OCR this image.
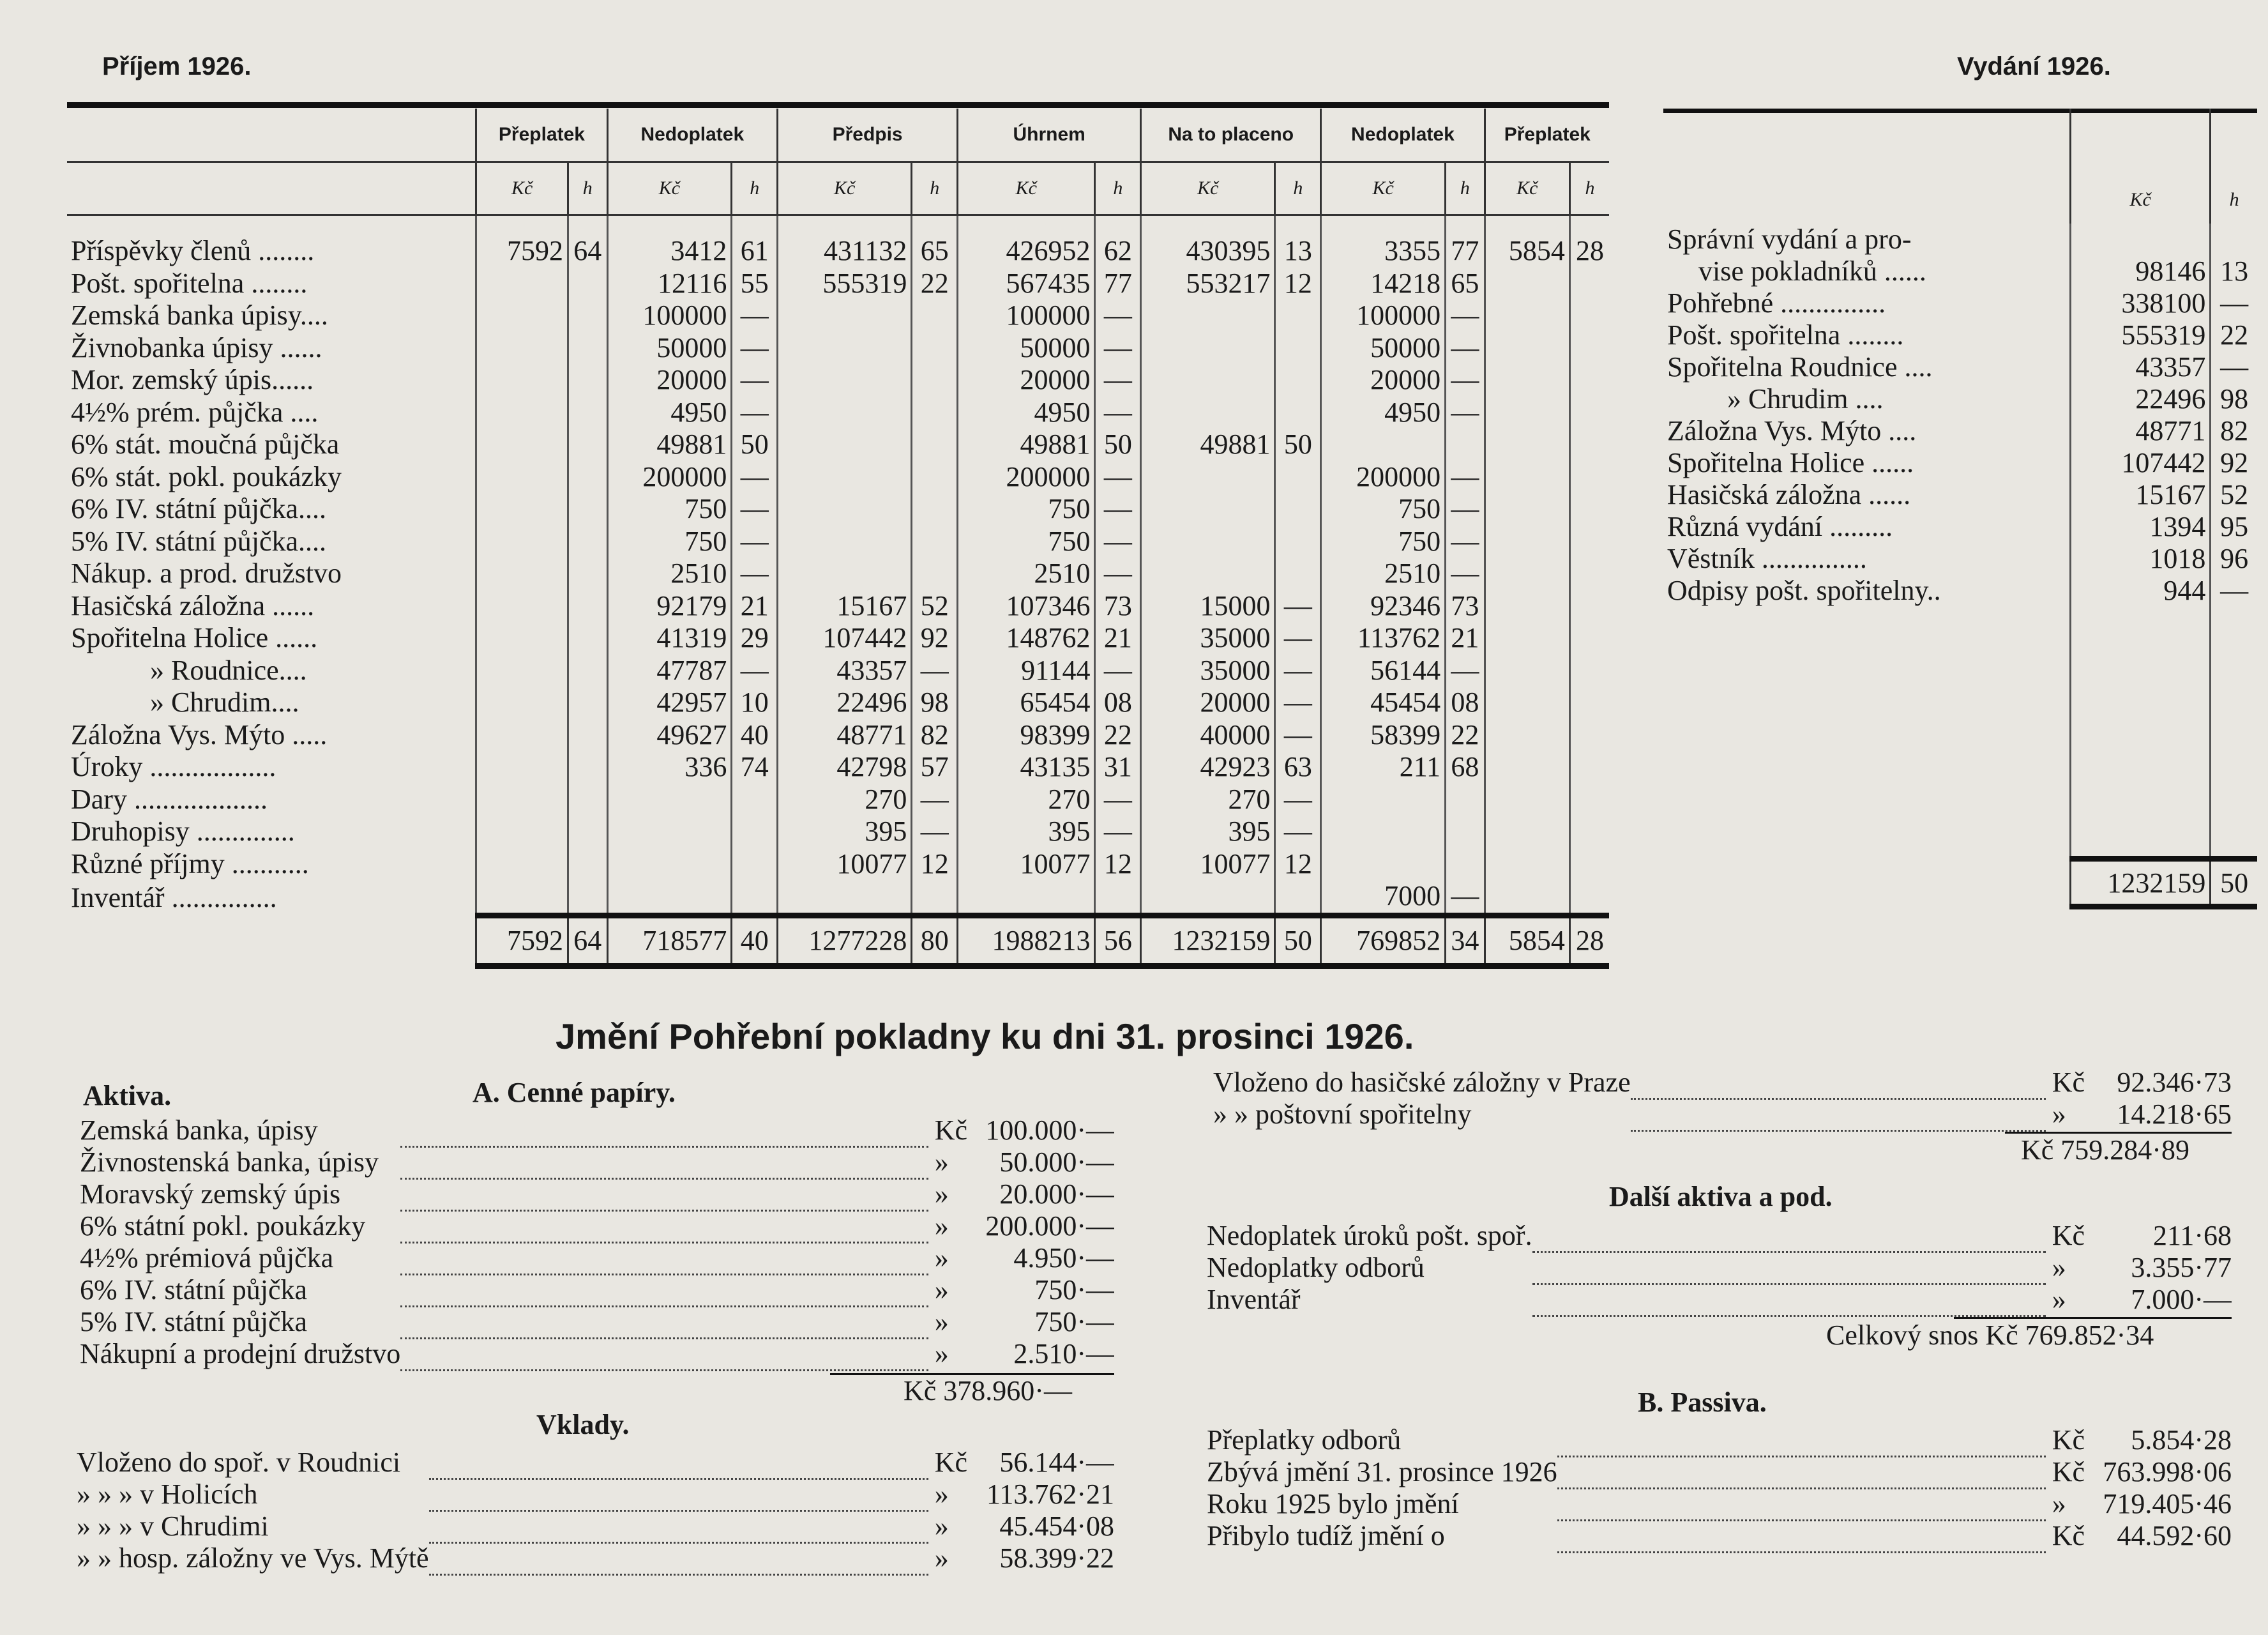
Příjem 1926.	Vydání 1926.
	Přeplatek		Nedoplatek		Předpis		Úhrnem		Na to placeno		Nedoplatek		Přeplatek	
	Kč	h	Kč	h	Kč	h	Kč	h	Kč	h	Kč	h	Kč	h

Příspěvky členů ........	7592	64	3412	61	431132	65	426952	62	430395	13	3355	77	5854	28
Pošt. spořitelna ........			12116	55	555319	22	567435	77	553217	12	14218	65		
Zemská banka úpisy....			100000	—			100000	—			100000	—		
Živnobanka úpisy ......			50000	—			50000	—			50000	—		
Mor. zemský úpis......			20000	—			20000	—			20000	—		
4½% prém. půjčka ....			4950	—			4950	—			4950	—		
6% stát. moučná půjčka			49881	50			49881	50	49881	50				
6% stát. pokl. poukázky			200000	—			200000	—			200000	—		
6% IV. státní půjčka....			750	—			750	—			750	—		
5% IV. státní půjčka....			750	—			750	—			750	—		
Nákup. a prod. družstvo			2510	—			2510	—			2510	—		
Hasičská záložna ......			92179	21	15167	52	107346	73	15000	—	92346	73		
Spořitelna Holice ......			41319	29	107442	92	148762	21	35000	—	113762	21		
» Roudnice....			47787	—	43357	—	91144	—	35000	—	56144	—		
» Chrudim....			42957	10	22496	98	65454	08	20000	—	45454	08		
Záložna Vys. Mýto .....			49627	40	48771	82	98399	22	40000	—	58399	22		
Úroky ..................			336	74	42798	57	43135	31	42923	63	211	68		
Dary ...................					270	—	270	—	270	—				
Druhopisy ..............					395	—	395	—	395	—				
Různé příjmy ...........					10077	12	10077	12	10077	12				
Inventář ...............											7000	—		
	7592	64	718577	40	1277228	80	1988213	56	1232159	50	769852	34	5854	28
	Kč	h
Správní vydání a pro-		
vise pokladníků ......	98146	13
Pohřebné ...............	338100	—
Pošt. spořitelna ........	555319	22
Spořitelna Roudnice ....	43357	—
» Chrudim ....	22496	98
Záložna Vys. Mýto ....	48771	82
Spořitelna Holice ......	107442	92
Hasičská záložna ......	15167	52
Různá vydání .........	1394	95
Věstník ...............	1018	96
Odpisy pošt. spořitelny..	944	—

	1232159	50
Jmění Pohřební pokladny ku dni 31. prosinci 1926.
Aktiva.	A. Cenné papíry.
Zemská banka, úpisy		Kč	100.000·—
Živnostenská banka, úpisy		»	50.000·—
Moravský zemský úpis		»	20.000·—
6% státní pokl. poukázky		»	200.000·—
4½% prémiová půjčka		»	4.950·—
6% IV. státní půjčka		»	750·—
5% IV. státní půjčka		»	750·—
Nákupní a prodejní družstvo		»	2.510·—
Kč 378.960·—
Vklady.
Vloženo do spoř. v Roudnici		Kč	56.144·—
» » » v Holicích		»	113.762·21
» » » v Chrudimi		»	45.454·08
» » hosp. záložny ve Vys. Mýtě		»	58.399·22
Vloženo do hasičské záložny v Praze		Kč	92.346·73
» » poštovní spořitelny		»	14.218·65
Kč 759.284·89
Další aktiva a pod.
Nedoplatek úroků pošt. spoř.		Kč	211·68
Nedoplatky odborů		»	3.355·77
Inventář		»	7.000·—
Celkový snos Kč 769.852·34
B. Passiva.
Přeplatky odborů		Kč	5.854·28
Zbývá jmění 31. prosince 1926		Kč	763.998·06
Roku 1925 bylo jmění		»	719.405·46
Přibylo tudíž jmění o		Kč	44.592·60
